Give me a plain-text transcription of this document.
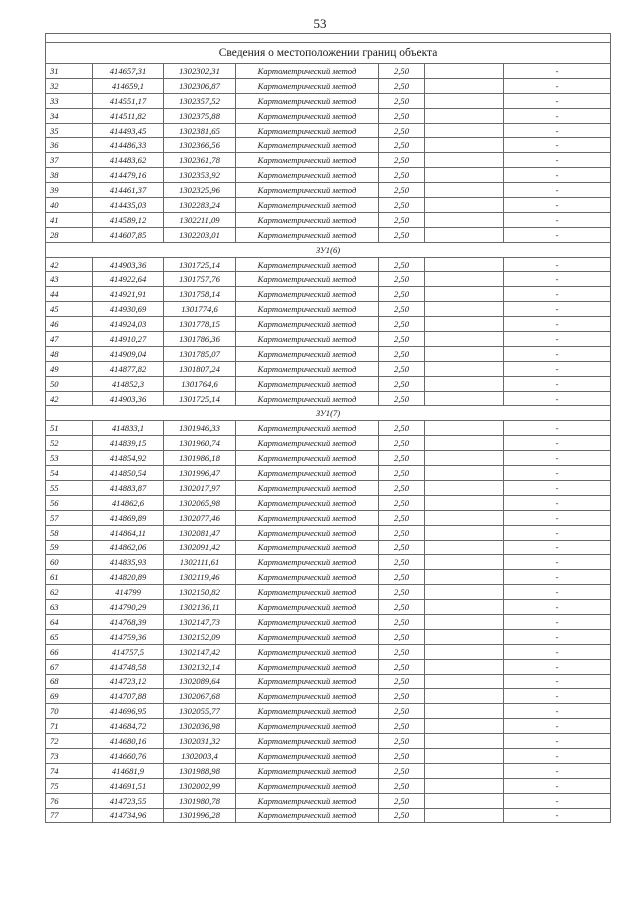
53

Сведения о местоположении границ объекта						
31	414657,31	1302302,31	Картометрический метод	2,50		-
32	414659,1	1302306,87	Картометрический метод	2,50		-
33	414551,17	1302357,52	Картометрический метод	2,50		-
34	414511,82	1302375,88	Картометрический метод	2,50		-
35	414493,45	1302381,65	Картометрический метод	2,50		-
36	414486,33	1302366,56	Картометрический метод	2,50		-
37	414483,62	1302361,78	Картометрический метод	2,50		-
38	414479,16	1302353,92	Картометрический метод	2,50		-
39	414461,37	1302325,96	Картометрический метод	2,50		-
40	414435,03	1302283,24	Картометрический метод	2,50		-
41	414589,12	1302211,09	Картометрический метод	2,50		-
28	414607,85	1302203,01	Картометрический метод	2,50		-
ЗУ1(6)						
42	414903,36	1301725,14	Картометрический метод	2,50		-
43	414922,64	1301757,76	Картометрический метод	2,50		-
44	414921,91	1301758,14	Картометрический метод	2,50		-
45	414930,69	1301774,6	Картометрический метод	2,50		-
46	414924,03	1301778,15	Картометрический метод	2,50		-
47	414910,27	1301786,36	Картометрический метод	2,50		-
48	414909,04	1301785,07	Картометрический метод	2,50		-
49	414877,82	1301807,24	Картометрический метод	2,50		-
50	414852,3	1301764,6	Картометрический метод	2,50		-
42	414903,36	1301725,14	Картометрический метод	2,50		-
ЗУ1(7)						
51	414833,1	1301946,33	Картометрический метод	2,50		-
52	414839,15	1301960,74	Картометрический метод	2,50		-
53	414854,92	1301986,18	Картометрический метод	2,50		-
54	414850,54	1301996,47	Картометрический метод	2,50		-
55	414883,87	1302017,97	Картометрический метод	2,50		-
56	414862,6	1302065,98	Картометрический метод	2,50		-
57	414869,89	1302077,46	Картометрический метод	2,50		-
58	414864,11	1302081,47	Картометрический метод	2,50		-
59	414862,06	1302091,42	Картометрический метод	2,50		-
60	414835,93	1302111,61	Картометрический метод	2,50		-
61	414820,89	1302119,46	Картометрический метод	2,50		-
62	414799	1302150,82	Картометрический метод	2,50		-
63	414790,29	1302136,11	Картометрический метод	2,50		-
64	414768,39	1302147,73	Картометрический метод	2,50		-
65	414759,36	1302152,09	Картометрический метод	2,50		-
66	414757,5	1302147,42	Картометрический метод	2,50		-
67	414748,58	1302132,14	Картометрический метод	2,50		-
68	414723,12	1302089,64	Картометрический метод	2,50		-
69	414707,88	1302067,68	Картометрический метод	2,50		-
70	414696,95	1302055,77	Картометрический метод	2,50		-
71	414684,72	1302036,98	Картометрический метод	2,50		-
72	414680,16	1302031,32	Картометрический метод	2,50		-
73	414660,76	1302003,4	Картометрический метод	2,50		-
74	414681,9	1301988,98	Картометрический метод	2,50		-
75	414691,51	1302002,99	Картометрический метод	2,50		-
76	414723,55	1301980,78	Картометрический метод	2,50		-
77	414734,96	1301996,28	Картометрический метод	2,50		-
